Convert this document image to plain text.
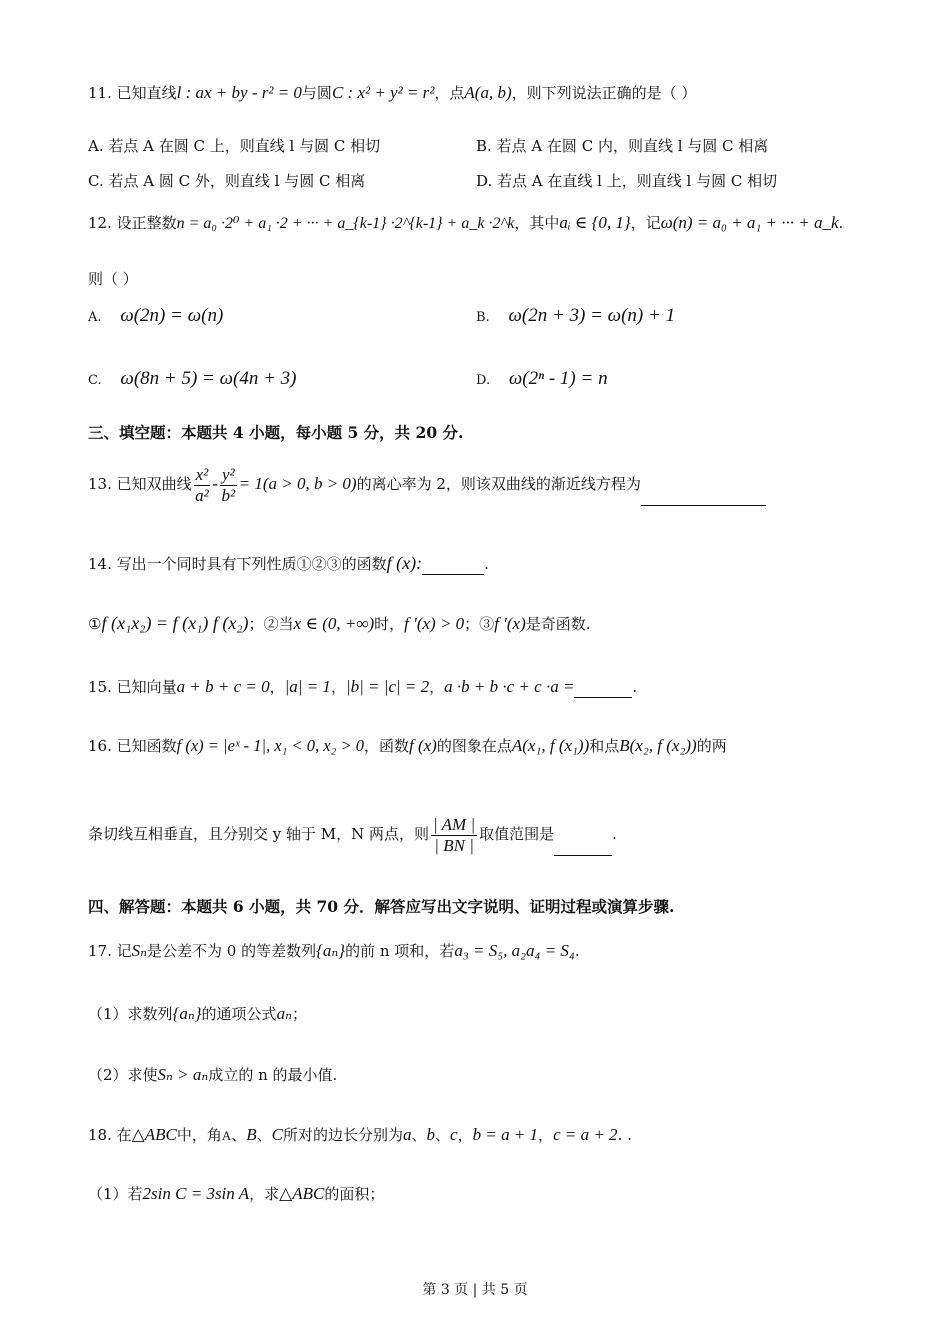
11. 已知直线l : ax + by - r² = 0与圆C : x² + y² = r²，点A(a, b)，则下列说法正确的是（ ）
A. 若点 A 在圆 C 上，则直线 l 与圆 C 相切	B. 若点 A 在圆 C 内，则直线 l 与圆 C 相离
C. 若点 A 圆 C 外，则直线 l 与圆 C 相离	D. 若点 A 在直线 l 上，则直线 l 与圆 C 相切
12. 设正整数n = a₀ ·2⁰ + a₁ ·2 + ··· + a_{k-1} ·2^{k-1} + a_k ·2^k，其中aᵢ ∈ {0, 1}，记ω(n) = a₀ + a₁ + ··· + a_k.
则（ ）
A. ω(2n) = ω(n)	B. ω(2n + 3) = ω(n) + 1
C. ω(8n + 5) = ω(4n + 3)	D. ω(2ⁿ - 1) = n
三、填空题：本题共 4 小题，每小题 5 分，共 20 分.
13. 已知双曲线 $\frac{\text{x²}}{\text{a²}} - \frac{\text{y²}}{\text{b²}} = 1(a > 0$, b > 0)的离心率为 2，则该双曲线的渐近线方程为
14. 写出一个同时具有下列性质①②③的函数f (x):	.
①f (x₁x₂) = f (x₁) f (x₂)；②当x ∈ (0, +∞)时，f ′(x) > 0；③f ′(x)是奇函数.
15. 已知向量a + b + c = 0，|a| = 1，|b| = |c| = 2，a ·b + b ·c + c ·a =	.
16. 已知函数f (x) = |eˣ - 1|, x₁ < 0, x₂ > 0，函数f (x)的图象在点A(x₁, f (x₁))和点B(x₂, f (x₂))的两
条切线互相垂直，且分别交 y 轴于 M，N 两点，则 $\frac{| AM |}{| BN |}$ 取值范围是	.
四、解答题：本题共 6 小题，共 70 分．解答应写出文字说明、证明过程或演算步骤.
17. 记Sₙ是公差不为 0 的等差数列{aₙ}的前 n 项和，若a₃ = S₅, a₂a₄ = S₄.
（1）求数列{aₙ}的通项公式aₙ；
（2）求使Sₙ > aₙ成立的 n 的最小值.
18. 在△ABC中，角A、B、C所对的边长分别为a、b、c，b = a + 1，c = a + 2. .
（1）若2sin C = 3sin A，求△ABC的面积；
第 3 页 | 共 5 页
